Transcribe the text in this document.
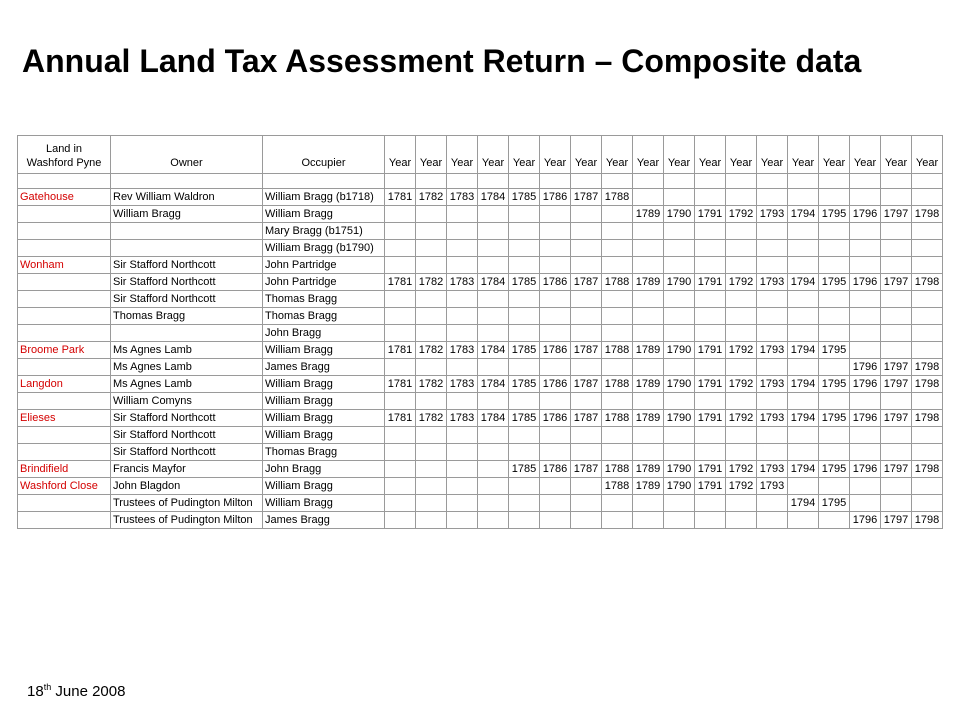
Annual Land Tax Assessment Return – Composite data
Land in
Washford Pyne	Owner	Occupier	Year	Year	Year	Year	Year	Year	Year	Year	Year	Year	Year	Year	Year	Year	Year	Year	Year	Year

Gatehouse	Rev William Waldron	William Bragg (b1718)	1781	1782	1783	1784	1785	1786	1787	1788										
	William Bragg	William Bragg									1789	1790	1791	1792	1793	1794	1795	1796	1797	1798
		Mary Bragg (b1751)																		
		William Bragg (b1790)																		
Wonham	Sir Stafford Northcott	John Partridge																		
	Sir Stafford Northcott	John Partridge	1781	1782	1783	1784	1785	1786	1787	1788	1789	1790	1791	1792	1793	1794	1795	1796	1797	1798
	Sir Stafford Northcott	Thomas Bragg																		
	Thomas Bragg	Thomas Bragg																		
		John Bragg																		
Broome Park	Ms Agnes Lamb	William Bragg	1781	1782	1783	1784	1785	1786	1787	1788	1789	1790	1791	1792	1793	1794	1795			
	Ms Agnes Lamb	James Bragg																1796	1797	1798
Langdon	Ms Agnes Lamb	William Bragg	1781	1782	1783	1784	1785	1786	1787	1788	1789	1790	1791	1792	1793	1794	1795	1796	1797	1798
	William Comyns	William Bragg																		
Elieses	Sir Stafford Northcott	William Bragg	1781	1782	1783	1784	1785	1786	1787	1788	1789	1790	1791	1792	1793	1794	1795	1796	1797	1798
	Sir Stafford Northcott	William Bragg																		
	Sir Stafford Northcott	Thomas Bragg																		
Brindifield	Francis Mayfor	John Bragg					1785	1786	1787	1788	1789	1790	1791	1792	1793	1794	1795	1796	1797	1798
Washford Close	John Blagdon	William Bragg								1788	1789	1790	1791	1792	1793					
	Trustees of Pudington Milton	William Bragg														1794	1795			
	Trustees of Pudington Milton	James Bragg																1796	1797	1798
18th June 2008
